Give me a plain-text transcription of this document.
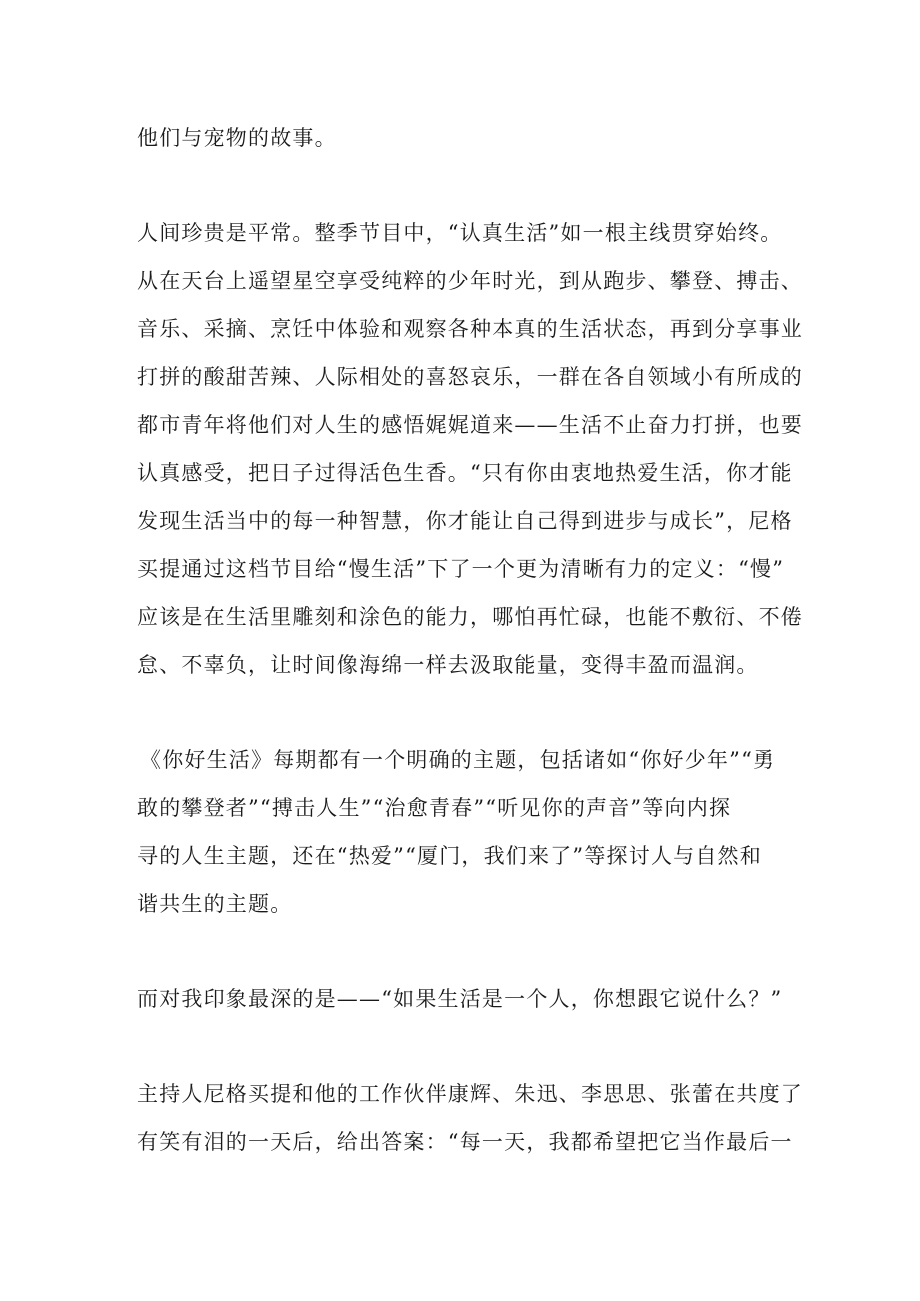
他们与宠物的故事。
人间珍贵是平常。整季节目中，“认真生活”如一根主线贯穿始终。
从在天台上遥望星空享受纯粹的少年时光，到从跑步、攀登、搏击、
音乐、采摘、烹饪中体验和观察各种本真的生活状态，再到分享事业
打拼的酸甜苦辣、人际相处的喜怒哀乐，一群在各自领域小有所成的
都市青年将他们对人生的感悟娓娓道来——生活不止奋力打拼，也要
认真感受，把日子过得活色生香。“只有你由衷地热爱生活，你才能
发现生活当中的每一种智慧，你才能让自己得到进步与成长”，尼格
买提通过这档节目给“慢生活”下了一个更为清晰有力的定义：“慢”
应该是在生活里雕刻和涂色的能力，哪怕再忙碌，也能不敷衍、不倦
怠、不辜负，让时间像海绵一样去汲取能量，变得丰盈而温润。
《你好生活》每期都有一个明确的主题，包括诸如“你好少年”“勇
敢的攀登者”“搏击人生”“治愈青春”“听见你的声音”等向内探
寻的人生主题，还在“热爱”“厦门，我们来了”等探讨人与自然和
谐共生的主题。
而对我印象最深的是——“如果生活是一个人，你想跟它说什么？”
主持人尼格买提和他的工作伙伴康辉、朱迅、李思思、张蕾在共度了
有笑有泪的一天后，给出答案：“每一天，我都希望把它当作最后一
